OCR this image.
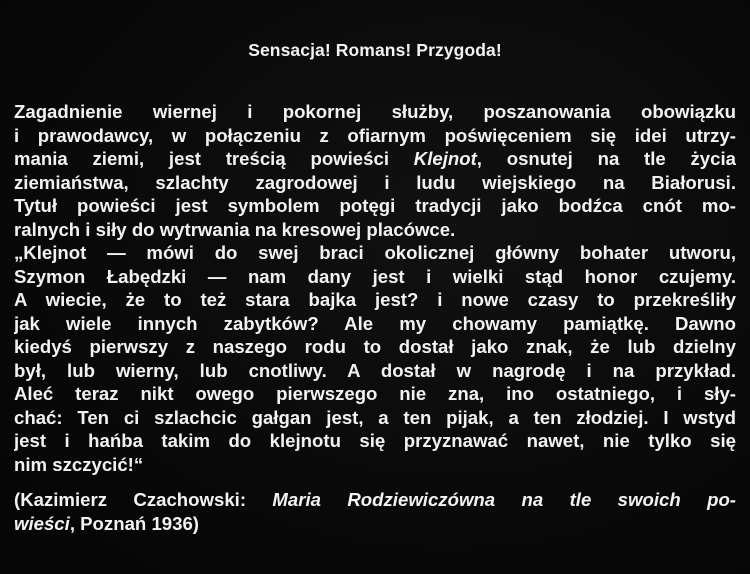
Sensacja! Romans! Przygoda!
Zagadnienie wiernej i pokornej służby, poszanowania obowiązku
i prawodawcy, w połączeniu z ofiarnym poświęceniem się idei utrzy-
mania ziemi, jest treścią powieści Klejnot, osnutej na tle życia
ziemiaństwa, szlachty zagrodowej i ludu wiejskiego na Białorusi.
Tytuł powieści jest symbolem potęgi tradycji jako bodźca cnót mo-
ralnych i siły do wytrwania na kresowej placówce.
„Klejnot — mówi do swej braci okolicznej główny bohater utworu,
Szymon Łabędzki — nam dany jest i wielki stąd honor czujemy.
A wiecie, że to też stara bajka jest? i nowe czasy to przekreśliły
jak wiele innych zabytków? Ale my chowamy pamiątkę. Dawno
kiedyś pierwszy z naszego rodu to dostał jako znak, że lub dzielny
był, lub wierny, lub cnotliwy. A dostał w nagrodę i na przykład.
Aleć teraz nikt owego pierwszego nie zna, ino ostatniego, i sły-
chać: Ten ci szlachcic gałgan jest, a ten pijak, a ten złodziej. I wstyd
jest i hańba takim do klejnotu się przyznawać nawet, nie tylko się
nim szczycić!“
(Kazimierz Czachowski: Maria Rodziewiczówna na tle swoich po-
wieści, Poznań 1936)
